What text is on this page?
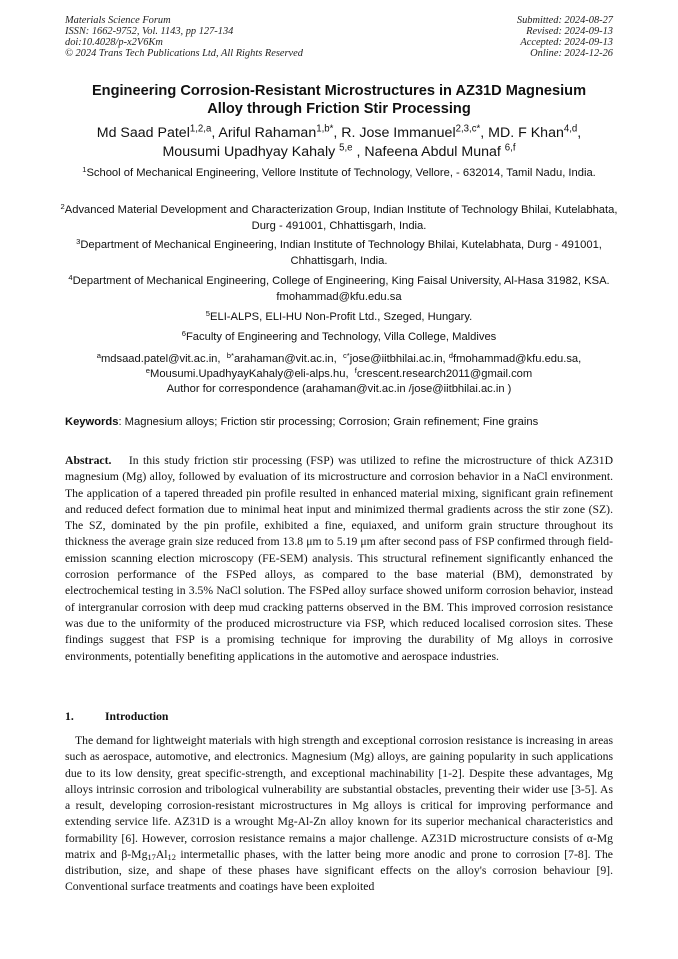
Materials Science Forum
ISSN: 1662-9752, Vol. 1143, pp 127-134
doi:10.4028/p-x2V6Km
© 2024 Trans Tech Publications Ltd, All Rights Reserved
Submitted: 2024-08-27
Revised: 2024-09-13
Accepted: 2024-09-13
Online: 2024-12-26
Engineering Corrosion-Resistant Microstructures in AZ31D Magnesium
Alloy through Friction Stir Processing
Md Saad Patel$^{1,2,a}$, Ariful Rahaman$^{1,b*}$, R. Jose Immanuel$^{2,3,c*}$, MD. F Khan$^{4,d}$,
Mousumi Upadhyay Kahaly $^{5,e}$ , Nafeena Abdul Munaf $^{6,f}$
$^1$School of Mechanical Engineering, Vellore Institute of Technology, Vellore, - 632014, Tamil Nadu, India.
$^2$Advanced Material Development and Characterization Group, Indian Institute of Technology Bhilai, Kutelabhata, Durg - 491001, Chhattisgarh, India.
$^3$Department of Mechanical Engineering, Indian Institute of Technology Bhilai, Kutelabhata, Durg - 491001, Chhattisgarh, India.
$^4$Department of Mechanical Engineering, College of Engineering, King Faisal University, Al-Hasa 31982, KSA. fmohammad@kfu.edu.sa
$^5$ELI-ALPS, ELI-HU Non-Profit Ltd., Szeged, Hungary.
$^6$Faculty of Engineering and Technology, Villa College, Maldives
$^a$mdsaad.patel@vit.ac.in, $^{b*}$arahaman@vit.ac.in, $^{c*}$jose@iitbhilai.ac.in, $^d$fmohammad@kfu.edu.sa,
$^e$Mousumi.UpadhyayKahaly@eli-alps.hu, $^f$crescent.research2011@gmail.com
Author for correspondence (arahaman@vit.ac.in /jose@iitbhilai.ac.in )
Keywords: Magnesium alloys; Friction stir processing; Corrosion; Grain refinement; Fine grains
Abstract. In this study friction stir processing (FSP) was utilized to refine the microstructure of thick AZ31D magnesium (Mg) alloy, followed by evaluation of its microstructure and corrosion behavior in a NaCl environment. The application of a tapered threaded pin profile resulted in enhanced material mixing, significant grain refinement and reduced defect formation due to minimal heat input and minimized thermal gradients across the stir zone (SZ). The SZ, dominated by the pin profile, exhibited a fine, equiaxed, and uniform grain structure throughout its thickness the average grain size reduced from 13.8 μm to 5.19 μm after second pass of FSP confirmed through field-emission scanning election microscopy (FE-SEM) analysis. This structural refinement significantly enhanced the corrosion performance of the FSPed alloys, as compared to the base material (BM), demonstrated by electrochemical testing in 3.5% NaCl solution. The FSPed alloy surface showed uniform corrosion behavior, instead of intergranular corrosion with deep mud cracking patterns observed in the BM. This improved corrosion resistance was due to the uniformity of the produced microstructure via FSP, which reduced localised corrosion sites. These findings suggest that FSP is a promising technique for improving the durability of Mg alloys in corrosive environments, potentially benefiting applications in the automotive and aerospace industries.
1.	Introduction
The demand for lightweight materials with high strength and exceptional corrosion resistance is increasing in areas such as aerospace, automotive, and electronics. Magnesium (Mg) alloys, are gaining popularity in such applications due to its low density, great specific-strength, and exceptional machinability [1-2]. Despite these advantages, Mg alloys intrinsic corrosion and tribological vulnerability are substantial obstacles, preventing their wider use [3-5]. As a result, developing corrosion-resistant microstructures in Mg alloys is critical for improving performance and extending service life. AZ31D is a wrought Mg-Al-Zn alloy known for its superior mechanical characteristics and formability [6]. However, corrosion resistance remains a major challenge. AZ31D microstructure consists of α-Mg matrix and $\beta-Mg_{17}Al_{12}$ intermetallic phases, with the latter being more anodic and prone to corrosion [7-8]. The distribution, size, and shape of these phases have significant effects on the alloy's corrosion behaviour [9]. Conventional surface treatments and coatings have been exploited
